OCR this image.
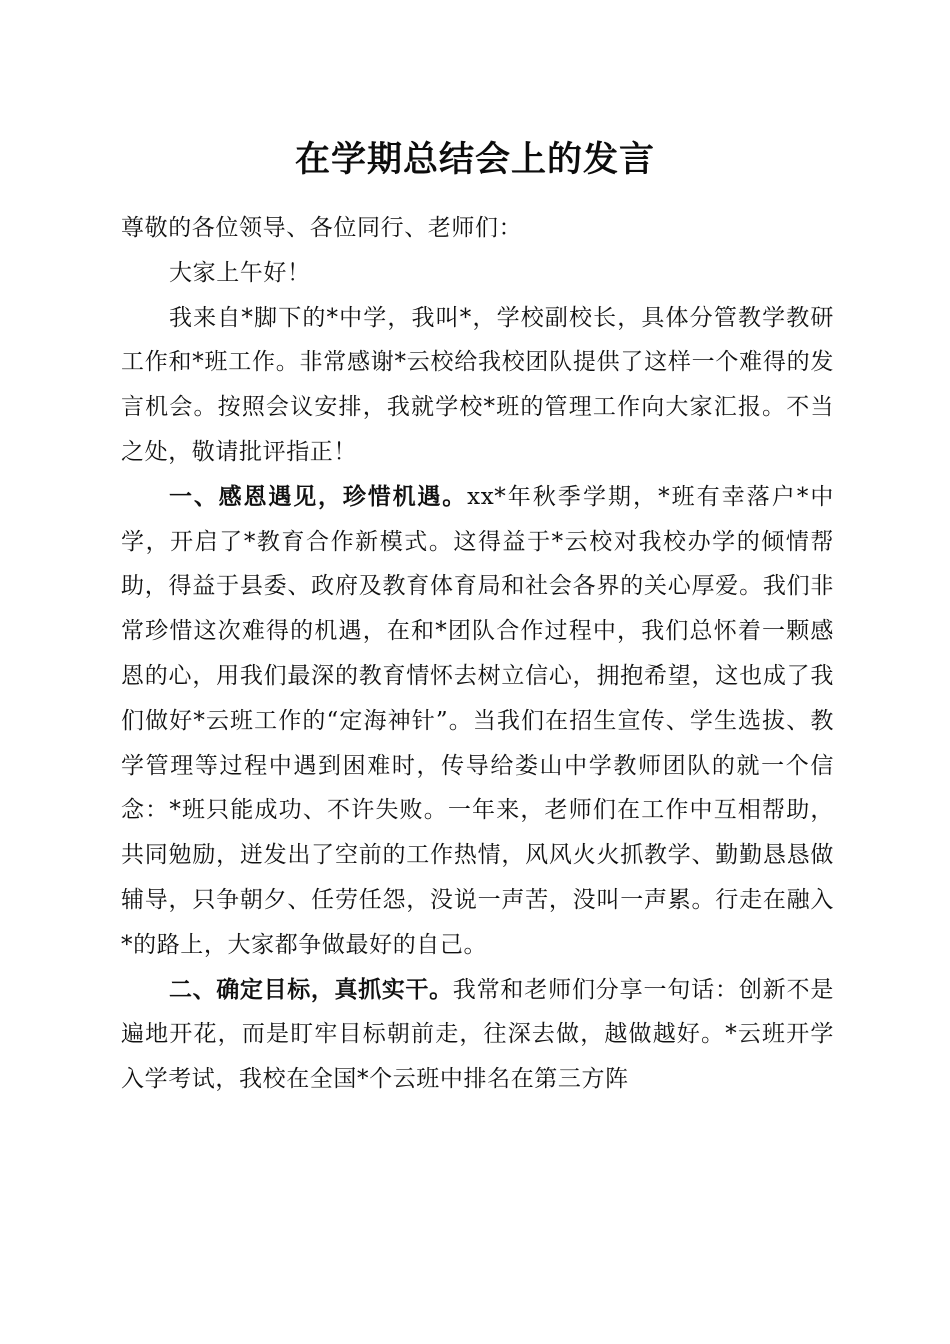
在学期总结会上的发言

尊敬的各位领导、各位同行、老师们：

大家上午好！

我来自*脚下的*中学，我叫*，学校副校长，具体分管教学教研工作和*班工作。非常感谢*云校给我校团队提供了这样一个难得的发言机会。按照会议安排，我就学校*班的管理工作向大家汇报。不当之处，敬请批评指正！

一、感恩遇见，珍惜机遇。xx*年秋季学期，*班有幸落户*中学，开启了*教育合作新模式。这得益于*云校对我校办学的倾情帮助，得益于县委、政府及教育体育局和社会各界的关心厚爱。我们非常珍惜这次难得的机遇，在和*团队合作过程中，我们总怀着一颗感恩的心，用我们最深的教育情怀去树立信心，拥抱希望，这也成了我们做好*云班工作的“定海神针”。当我们在招生宣传、学生选拔、教学管理等过程中遇到困难时，传导给娄山中学教师团队的就一个信念：*班只能成功、不许失败。一年来，老师们在工作中互相帮助，共同勉励，迸发出了空前的工作热情，风风火火抓教学、勤勤恳恳做辅导，只争朝夕、任劳任怨，没说一声苦，没叫一声累。行走在融入*的路上，大家都争做最好的自己。

二、确定目标，真抓实干。我常和老师们分享一句话：创新不是遍地开花，而是盯牢目标朝前走，往深去做，越做越好。*云班开学入学考试，我校在全国*个云班中排名在第三方阵
